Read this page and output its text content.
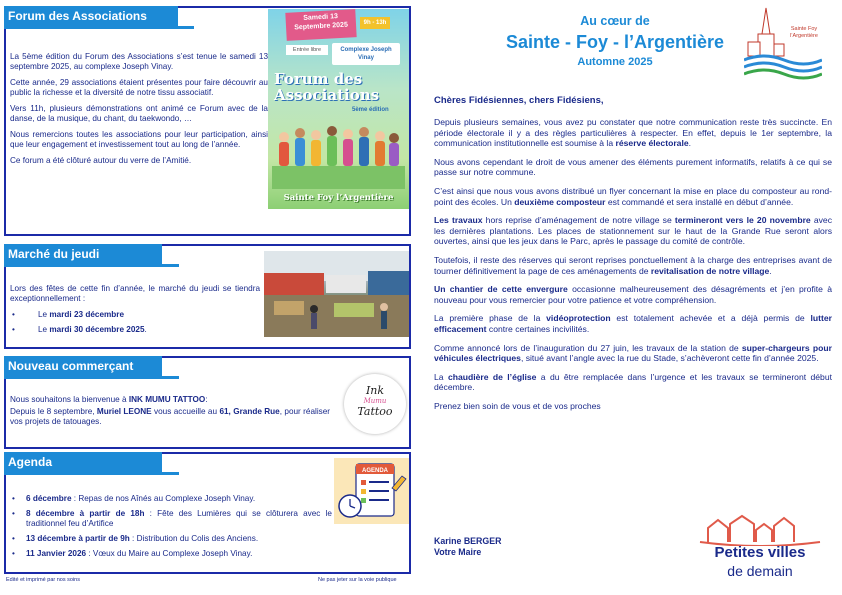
Forum des Associations

La 5ème édition du Forum des Associations s’est tenue le samedi 13 septembre 2025, au complexe Joseph Vinay.

Cette année, 29 associations étaient présentes pour faire découvrir au public la richesse et la diversité de notre tissu associatif.

Vers 11h, plusieurs démonstrations ont animé ce Forum avec de la danse, de la musique, du chant, du taekwondo, …

Nous remercions toutes les associations pour leur participation, ainsi que leur engagement et investissement tout au long de l’année.

Ce forum a été clôturé autour du verre de l’Amitié.

Samedi 13 Septembre 2025	9h - 13h
Entrée libre	Complexe Joseph Vinay
Forum des Associations
5ème édition
Sainte Foy l’Argentière
Marché du jeudi

Lors des fêtes de cette fin d’année, le marché du jeudi se tiendra exceptionnellement :

• Le mardi 23 décembre
• Le mardi 30 décembre 2025.
Nouveau commerçant

Nous souhaitons la bienvenue à INK MUMU TATTOO:

Depuis le 8 septembre, Muriel LEONE vous accueille au 61, Grande Rue, pour réaliser vos projets de tatouages.

Ink
Mumu
Tattoo
Agenda
• 6 décembre : Repas de nos Aînés au Complexe Joseph Vinay.
• 8 décembre à partir de 18h : Fête des Lumières qui se clôturera avec le traditionnel feu d’Artifice
• 13 décembre à partir de 9h : Distribution du Colis des Anciens.
• 11 Janvier 2026 : Vœux du Maire au Complexe Joseph Vinay.
AGENDA
Edité et imprimé par nos soins	Ne pas jeter sur la voie publique
Au cœur de
Sainte - Foy - l’Argentière
Automne 2025
Sainte Foy l’Argentière
Chères Fidésiennes, chers Fidésiens,

Depuis plusieurs semaines, vous avez pu constater que notre communication reste très succincte. En période électorale il y a des règles particulières à respecter. En effet, depuis le 1er septembre, la communication institutionnelle est soumise à la réserve électorale.

Nous avons cependant le droit de vous amener des éléments purement informatifs, relatifs à ce qui se passe sur notre commune.

C’est ainsi que nous vous avons distribué un flyer concernant la mise en place du composteur au rond-point des écoles. Un deuxième composteur est commandé et sera installé en début d’année.

Les travaux hors reprise d’aménagement de notre village se termineront vers le 20 novembre avec les dernières plantations. Les places de stationnement sur le haut de la Grande Rue seront alors ouvertes, ainsi que les jeux dans le Parc, après le passage du comité de contrôle.

Toutefois, il reste des réserves qui seront reprises ponctuellement à la charge des entreprises avant de tourner définitivement la page de ces aménagements de revitalisation de notre village.

Un chantier de cette envergure occasionne malheureusement des désagréments et j’en profite à nouveau pour vous remercier pour votre patience et votre compréhension.

La première phase de la vidéoprotection est totalement achevée et a déjà permis de lutter efficacement contre certaines incivilités.

Comme annoncé lors de l’inauguration du 27 juin, les travaux de la station de super-chargeurs pour véhicules électriques, situé avant l’angle avec la rue du Stade, s’achèveront cette fin d’année 2025.

La chaudière de l’église a du être remplacée dans l’urgence et les travaux se termineront début décembre.

Prenez bien soin de vous et de vos proches

Karine BERGER
Votre Maire	Petites villes
de demain
